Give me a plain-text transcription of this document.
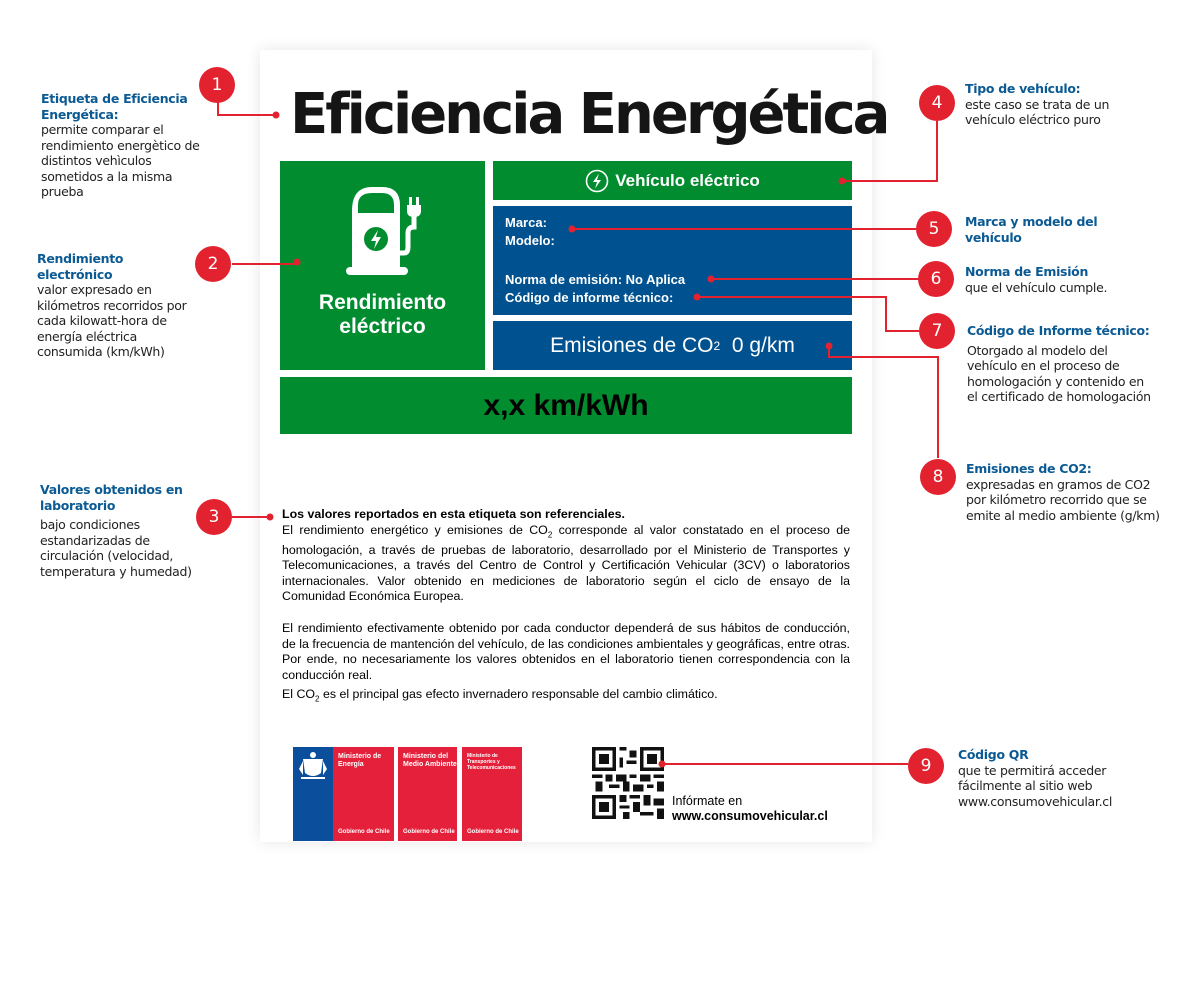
Eficiencia Energética
Rendimiento
eléctrico
Vehículo eléctrico
Marca:
Modelo:
Norma de emisión: No Aplica
Código de informe técnico:
Emisiones de CO 2
0 g/km
x,x km/kWh

Los valores reportados en esta etiqueta son referenciales.

El rendimiento energético y emisiones de $CO_2$ corresponde al valor constatado en el proceso de homologación, a través de pruebas de laboratorio, desarrollado por el Ministerio de Transportes y Telecomunicaciones, a través del Centro de Control y Certificación Vehicular (3CV) o laboratorios internacionales. Valor obtenido en mediciones de laboratorio según el ciclo de ensayo de la Comunidad Económica Europea.

El rendimiento efectivamente obtenido por cada conductor dependerá de sus hábitos de conducción, de la frecuencia de mantención del vehículo, de las condiciones ambientales y geográficas, entre otras. Por ende, no necesariamente los valores obtenidos en el laboratorio tienen correspondencia con la conducción real.

El $CO_2$ es el principal gas efecto invernadero responsable del cambio climático.

Ministerio de Energía
Gobierno de Chile
Ministerio del Medio Ambiente
Gobierno de Chile
Ministerio de Transportes y Telecomunicaciones
Gobierno de Chile
Infórmate en
www.consumovehicular.cl
1
2
3
4
5
6
7
8
9
Etiqueta de Eficiencia Energética:
permite comparar el rendimiento energètico de distintos vehìculos sometidos a la misma prueba
Rendimiento electrónico
valor expresado en kilómetros recorridos por cada kilowatt-hora de energía eléctrica consumida (km/kWh)
Valores obtenidos en laboratorio
bajo condiciones estandarizadas de circulación (velocidad, temperatura y humedad)
Tipo de vehículo:
este caso se trata de un vehículo eléctrico puro
Marca y modelo del vehículo
Norma de Emisión
que el vehículo cumple.
Código de Informe técnico:
Otorgado al modelo del vehículo en el proceso de homologación y contenido en el certificado de homologación
Emisiones de CO2:
expresadas en gramos de CO2 por kilómetro recorrido que se emite al medio ambiente (g/km)
Código QR
que te permitirá acceder fácilmente al sitio web www.consumovehicular.cl
